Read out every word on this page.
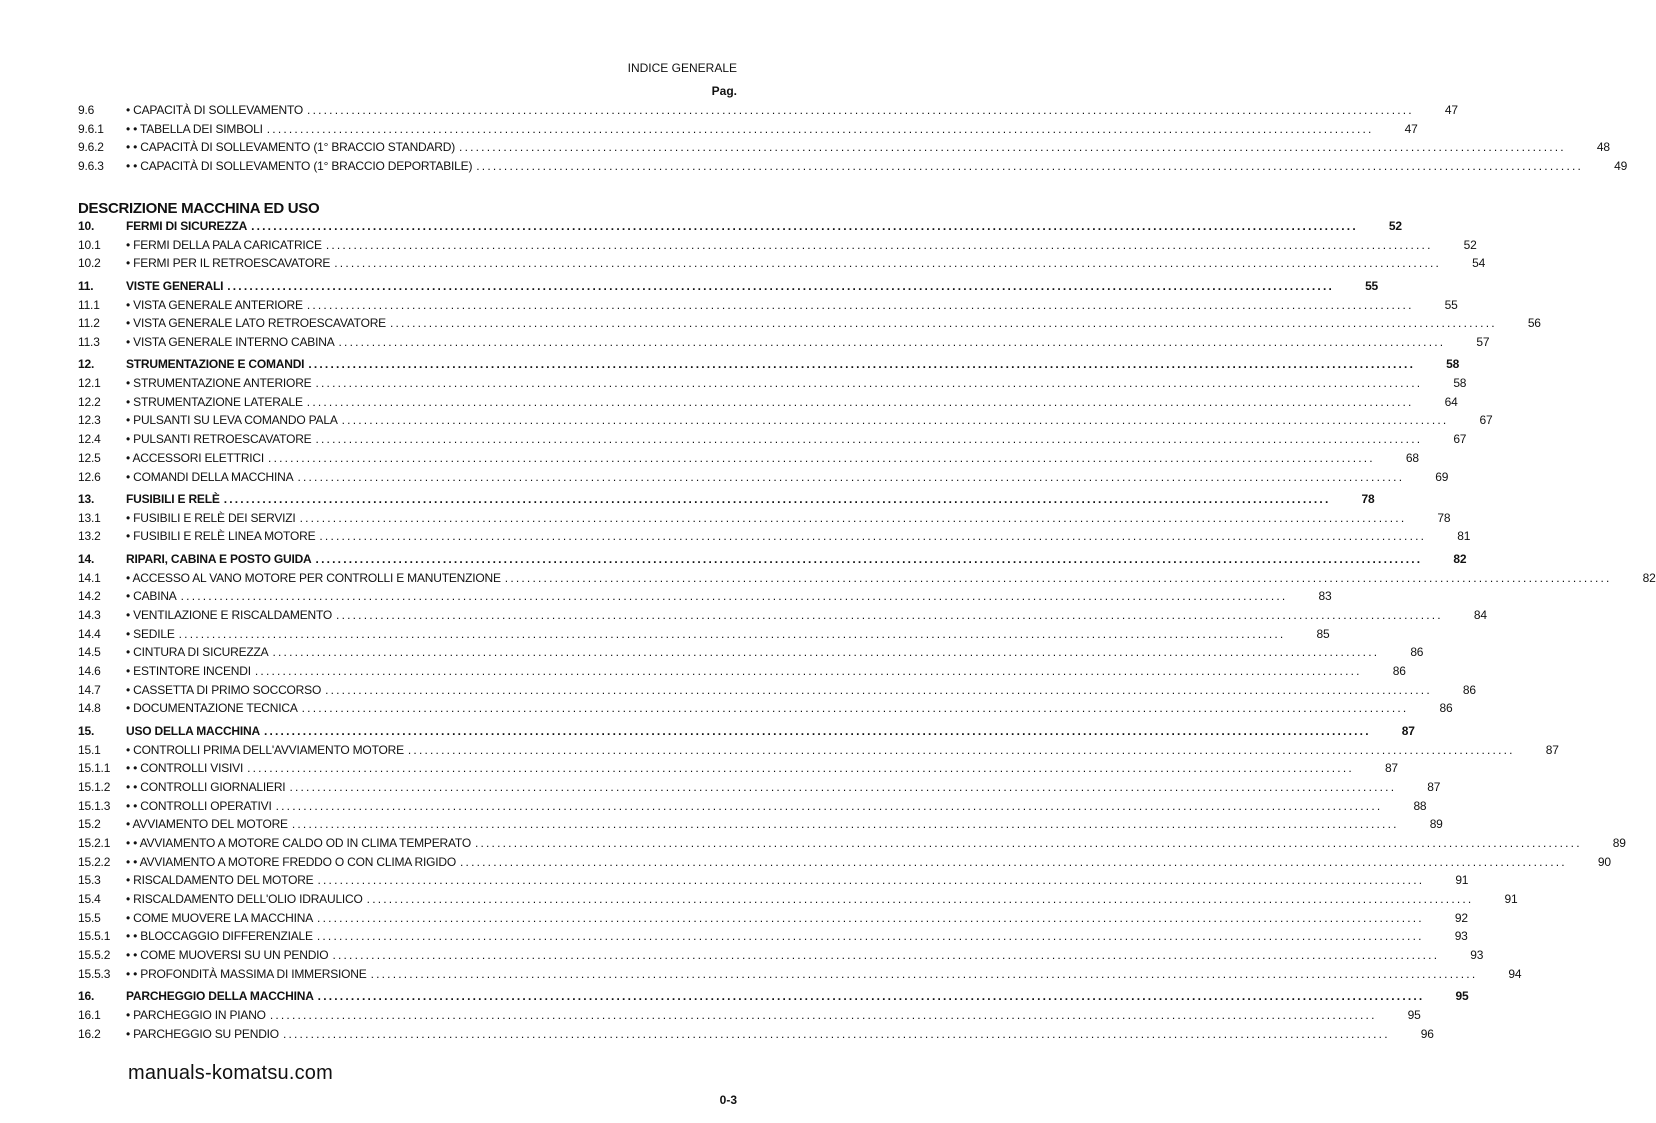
INDICE GENERALE
Pag.
9.6	• CAPACITÀ DI SOLLEVAMENTO ........................................................................................................................................................................................................	47
9.6.1	• • TABELLA DEI SIMBOLI ........................................................................................................................................................................................................	47
9.6.2	• • CAPACITÀ DI SOLLEVAMENTO (1° BRACCIO STANDARD) ........................................................................................................................................................................................................	48
9.6.3	• • CAPACITÀ DI SOLLEVAMENTO (1° BRACCIO DEPORTABILE) ........................................................................................................................................................................................................	49
DESCRIZIONE MACCHINA ED USO
10.	FERMI DI SICUREZZA ........................................................................................................................................................................................................	52
10.1	• FERMI DELLA PALA CARICATRICE ........................................................................................................................................................................................................	52
10.2	• FERMI PER IL RETROESCAVATORE ........................................................................................................................................................................................................	54
11.	VISTE GENERALI ........................................................................................................................................................................................................	55
11.1	• VISTA GENERALE ANTERIORE ........................................................................................................................................................................................................	55
11.2	• VISTA GENERALE LATO RETROESCAVATORE ........................................................................................................................................................................................................	56
11.3	• VISTA GENERALE INTERNO CABINA ........................................................................................................................................................................................................	57
12.	STRUMENTAZIONE E COMANDI ........................................................................................................................................................................................................	58
12.1	• STRUMENTAZIONE ANTERIORE ........................................................................................................................................................................................................	58
12.2	• STRUMENTAZIONE LATERALE ........................................................................................................................................................................................................	64
12.3	• PULSANTI SU LEVA COMANDO PALA ........................................................................................................................................................................................................	67
12.4	• PULSANTI RETROESCAVATORE ........................................................................................................................................................................................................	67
12.5	• ACCESSORI ELETTRICI ........................................................................................................................................................................................................	68
12.6	• COMANDI DELLA MACCHINA ........................................................................................................................................................................................................	69
13.	FUSIBILI E RELÈ ........................................................................................................................................................................................................	78
13.1	• FUSIBILI E RELÈ DEI SERVIZI ........................................................................................................................................................................................................	78
13.2	• FUSIBILI E RELÈ LINEA MOTORE ........................................................................................................................................................................................................	81
14.	RIPARI, CABINA E POSTO GUIDA ........................................................................................................................................................................................................	82
14.1	• ACCESSO AL VANO MOTORE PER CONTROLLI E MANUTENZIONE ........................................................................................................................................................................................................	82
14.2	• CABINA ........................................................................................................................................................................................................	83
14.3	• VENTILAZIONE E RISCALDAMENTO ........................................................................................................................................................................................................	84
14.4	• SEDILE ........................................................................................................................................................................................................	85
14.5	• CINTURA DI SICUREZZA ........................................................................................................................................................................................................	86
14.6	• ESTINTORE INCENDI ........................................................................................................................................................................................................	86
14.7	• CASSETTA DI PRIMO SOCCORSO ........................................................................................................................................................................................................	86
14.8	• DOCUMENTAZIONE TECNICA ........................................................................................................................................................................................................	86
15.	USO DELLA MACCHINA ........................................................................................................................................................................................................	87
15.1	• CONTROLLI PRIMA DELL'AVVIAMENTO MOTORE ........................................................................................................................................................................................................	87
15.1.1	• • CONTROLLI VISIVI ........................................................................................................................................................................................................	87
15.1.2	• • CONTROLLI GIORNALIERI ........................................................................................................................................................................................................	87
15.1.3	• • CONTROLLI OPERATIVI ........................................................................................................................................................................................................	88
15.2	• AVVIAMENTO DEL MOTORE ........................................................................................................................................................................................................	89
15.2.1	• • AVVIAMENTO A MOTORE CALDO OD IN CLIMA TEMPERATO ........................................................................................................................................................................................................	89
15.2.2	• • AVVIAMENTO A MOTORE FREDDO O CON CLIMA RIGIDO ........................................................................................................................................................................................................	90
15.3	• RISCALDAMENTO DEL MOTORE ........................................................................................................................................................................................................	91
15.4	• RISCALDAMENTO DELL'OLIO IDRAULICO ........................................................................................................................................................................................................	91
15.5	• COME MUOVERE LA MACCHINA ........................................................................................................................................................................................................	92
15.5.1	• • BLOCCAGGIO DIFFERENZIALE ........................................................................................................................................................................................................	93
15.5.2	• • COME MUOVERSI SU UN PENDIO ........................................................................................................................................................................................................	93
15.5.3	• • PROFONDITÀ MASSIMA DI IMMERSIONE ........................................................................................................................................................................................................	94
16.	PARCHEGGIO DELLA MACCHINA ........................................................................................................................................................................................................	95
16.1	• PARCHEGGIO IN PIANO ........................................................................................................................................................................................................	95
16.2	• PARCHEGGIO SU PENDIO ........................................................................................................................................................................................................	96
manuals-komatsu.com
0-3
